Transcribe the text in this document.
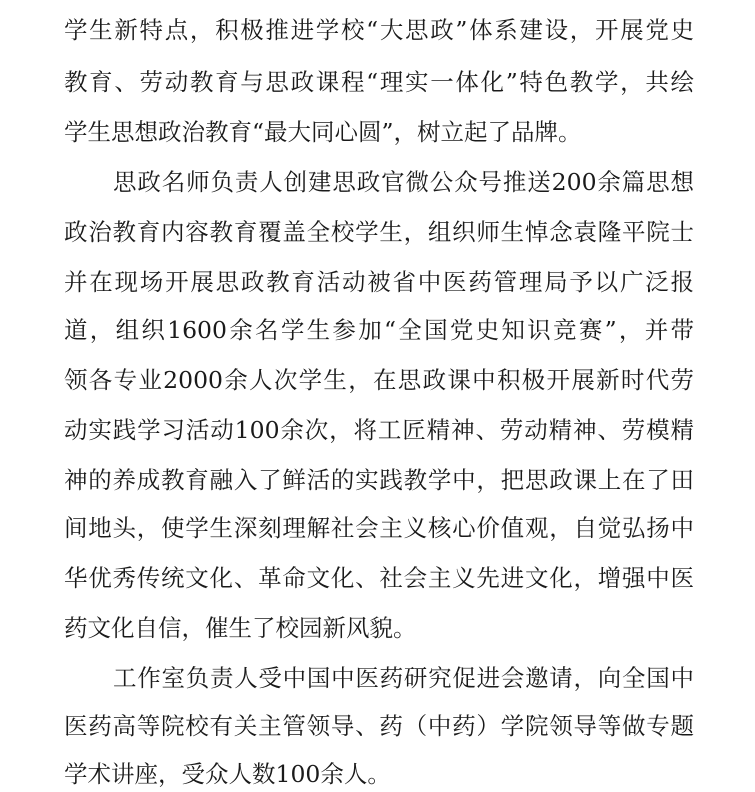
学生新特点，积极推进学校“大思政”体系建设，开展党史
教育、劳动教育与思政课程“理实一体化”特色教学，共绘
学生思想政治教育“最大同心圆”，树立起了品牌。
思政名师负责人创建思政官微公众号推送200余篇思想
政治教育内容教育覆盖全校学生，组织师生悼念袁隆平院士
并在现场开展思政教育活动被省中医药管理局予以广泛报
道，组织1600余名学生参加“全国党史知识竞赛”，并带
领各专业2000余人次学生，在思政课中积极开展新时代劳
动实践学习活动100余次，将工匠精神、劳动精神、劳模精
神的养成教育融入了鲜活的实践教学中，把思政课上在了田
间地头，使学生深刻理解社会主义核心价值观，自觉弘扬中
华优秀传统文化、革命文化、社会主义先进文化，增强中医
药文化自信，催生了校园新风貌。
工作室负责人受中国中医药研究促进会邀请，向全国中
医药高等院校有关主管领导、药（中药）学院领导等做专题
学术讲座，受众人数100余人。
